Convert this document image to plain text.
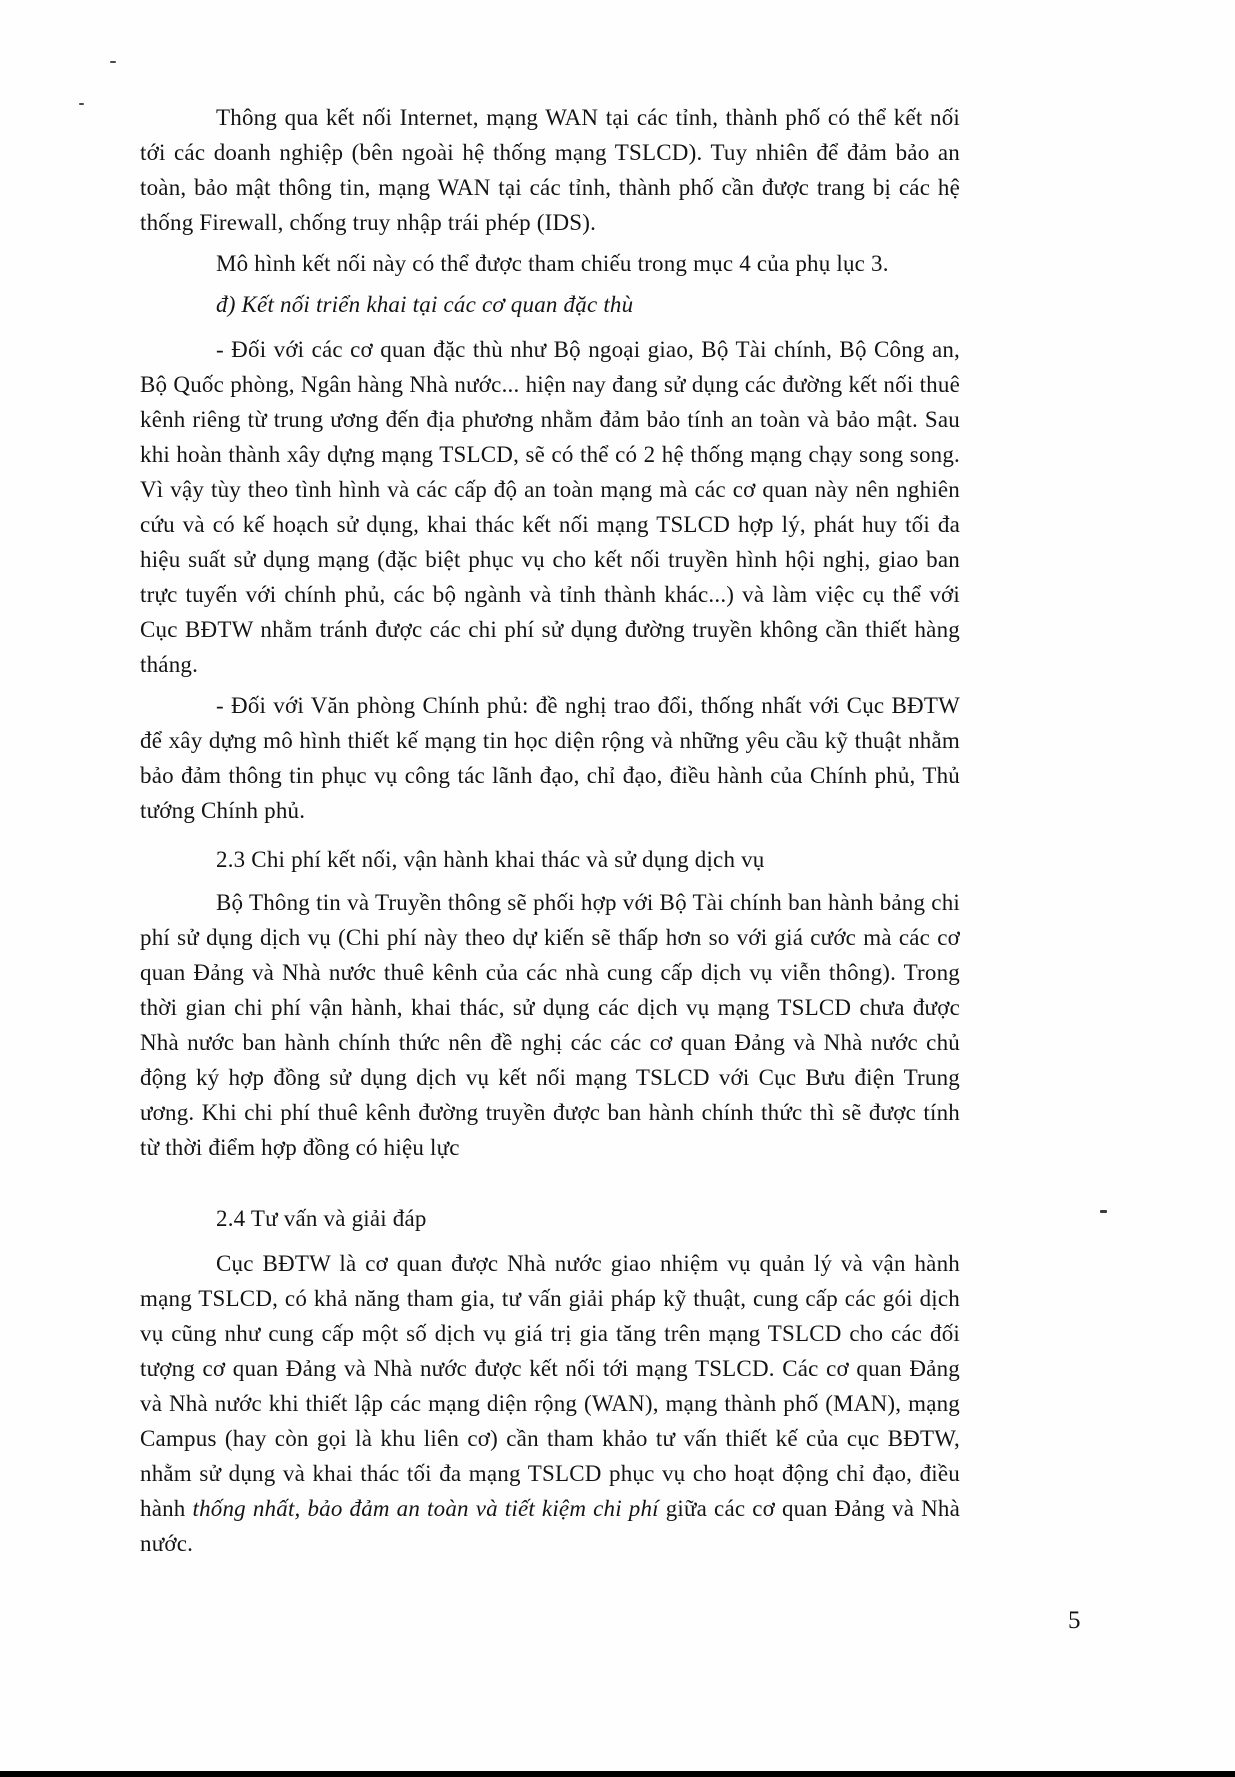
Thông qua kết nối Internet, mạng WAN tại các tỉnh, thành phố có thể kết nối tới các doanh nghiệp (bên ngoài hệ thống mạng TSLCD). Tuy nhiên để đảm bảo an toàn, bảo mật thông tin, mạng WAN tại các tỉnh, thành phố cần được trang bị các hệ thống Firewall, chống truy nhập trái phép (IDS).

Mô hình kết nối này có thể được tham chiếu trong mục 4 của phụ lục 3.

đ) Kết nối triển khai tại các cơ quan đặc thù

- Đối với các cơ quan đặc thù như Bộ ngoại giao, Bộ Tài chính, Bộ Công an, Bộ Quốc phòng, Ngân hàng Nhà nước... hiện nay đang sử dụng các đường kết nối thuê kênh riêng từ trung ương đến địa phương nhằm đảm bảo tính an toàn và bảo mật. Sau khi hoàn thành xây dựng mạng TSLCD, sẽ có thể có 2 hệ thống mạng chạy song song. Vì vậy tùy theo tình hình và các cấp độ an toàn mạng mà các cơ quan này nên nghiên cứu và có kế hoạch sử dụng, khai thác kết nối mạng TSLCD hợp lý, phát huy tối đa hiệu suất sử dụng mạng (đặc biệt phục vụ cho kết nối truyền hình hội nghị, giao ban trực tuyến với chính phủ, các bộ ngành và tỉnh thành khác...) và làm việc cụ thể với Cục BĐTW nhằm tránh được các chi phí sử dụng đường truyền không cần thiết hàng tháng.

- Đối với Văn phòng Chính phủ: đề nghị trao đổi, thống nhất với Cục BĐTW để xây dựng mô hình thiết kế mạng tin học diện rộng và những yêu cầu kỹ thuật nhằm bảo đảm thông tin phục vụ công tác lãnh đạo, chỉ đạo, điều hành của Chính phủ, Thủ tướng Chính phủ.

2.3 Chi phí kết nối, vận hành khai thác và sử dụng dịch vụ

Bộ Thông tin và Truyền thông sẽ phối hợp với Bộ Tài chính ban hành bảng chi phí sử dụng dịch vụ (Chi phí này theo dự kiến sẽ thấp hơn so với giá cước mà các cơ quan Đảng và Nhà nước thuê kênh của các nhà cung cấp dịch vụ viễn thông). Trong thời gian chi phí vận hành, khai thác, sử dụng các dịch vụ mạng TSLCD chưa được Nhà nước ban hành chính thức nên đề nghị các các cơ quan Đảng và Nhà nước chủ động ký hợp đồng sử dụng dịch vụ kết nối mạng TSLCD với Cục Bưu điện Trung ương. Khi chi phí thuê kênh đường truyền được ban hành chính thức thì sẽ được tính từ thời điểm hợp đồng có hiệu lực

2.4 Tư vấn và giải đáp

Cục BĐTW là cơ quan được Nhà nước giao nhiệm vụ quản lý và vận hành mạng TSLCD, có khả năng tham gia, tư vấn giải pháp kỹ thuật, cung cấp các gói dịch vụ cũng như cung cấp một số dịch vụ giá trị gia tăng trên mạng TSLCD cho các đối tượng cơ quan Đảng và Nhà nước được kết nối tới mạng TSLCD. Các cơ quan Đảng và Nhà nước khi thiết lập các mạng diện rộng (WAN), mạng thành phố (MAN), mạng Campus (hay còn gọi là khu liên cơ) cần tham khảo tư vấn thiết kế của cục BĐTW, nhằm sử dụng và khai thác tối đa mạng TSLCD phục vụ cho hoạt động chỉ đạo, điều hành thống nhất, bảo đảm an toàn và tiết kiệm chi phí giữa các cơ quan Đảng và Nhà nước.

5
